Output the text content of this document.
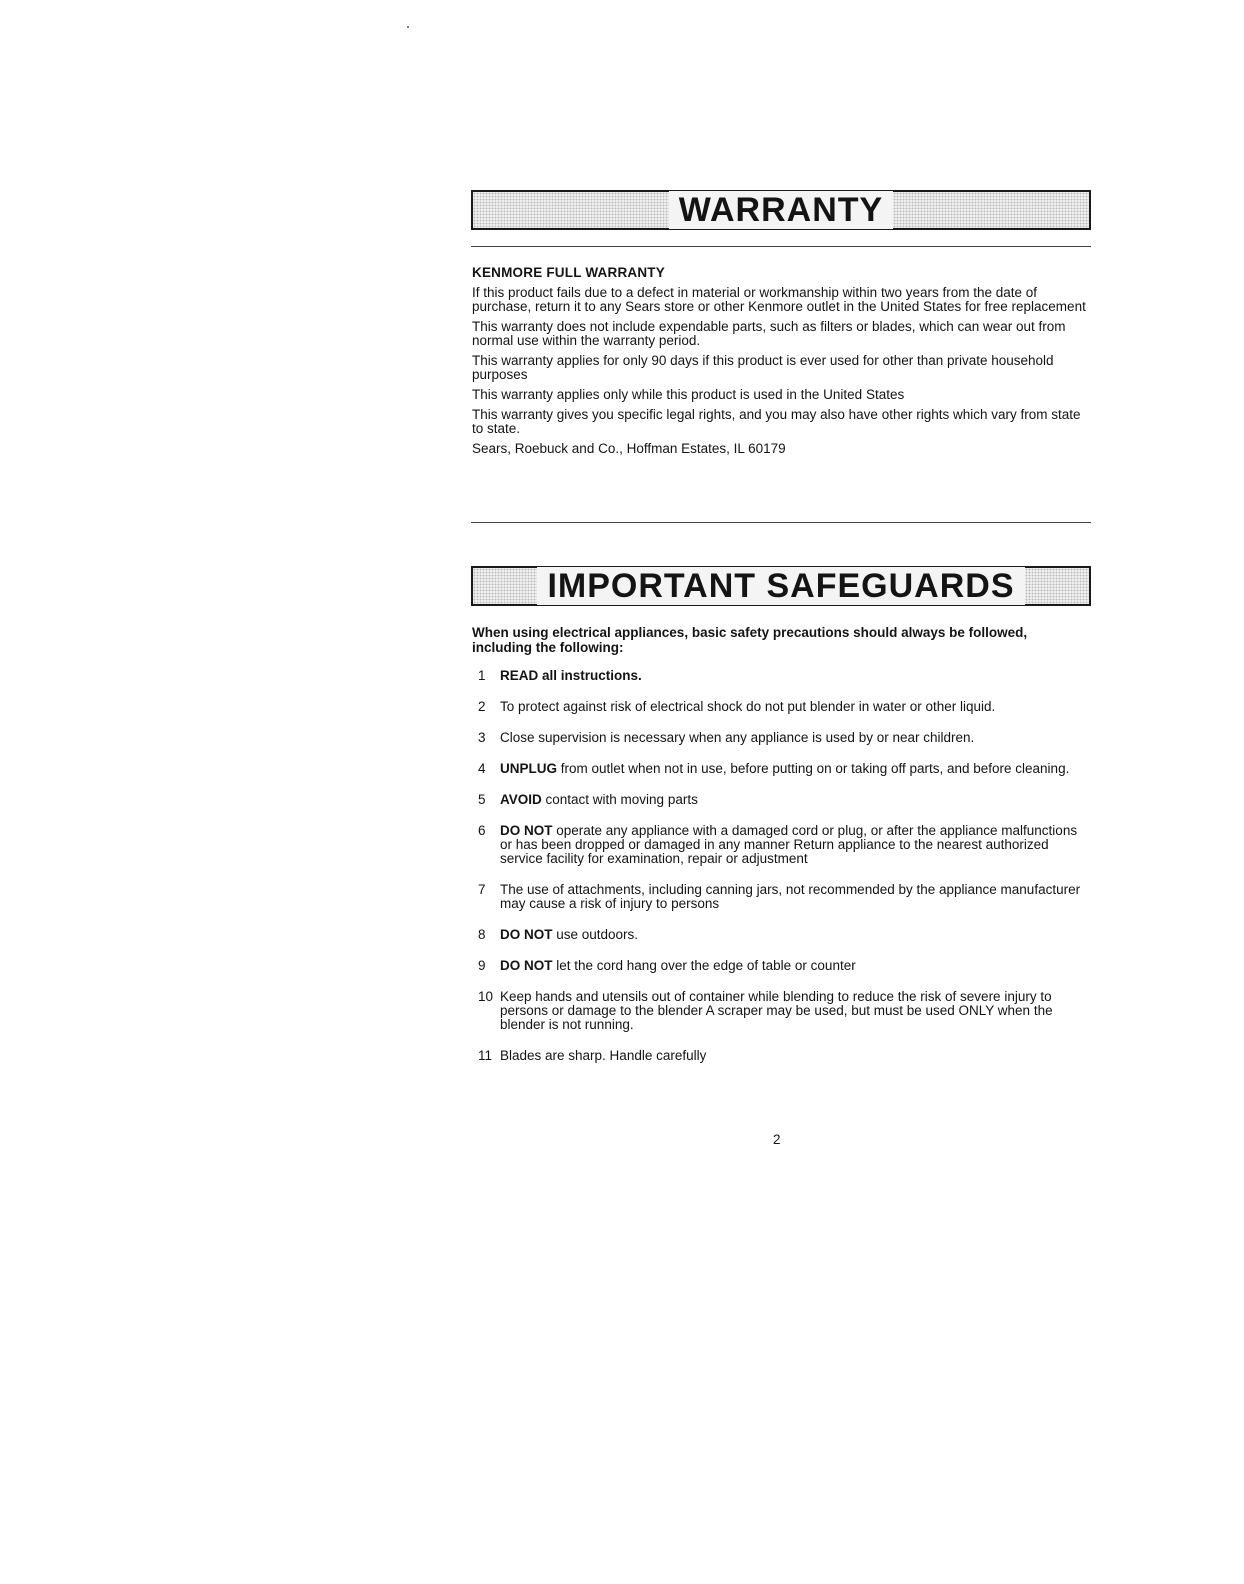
WARRANTY

KENMORE FULL WARRANTY

If this product fails due to a defect in material or workmanship within two years from the date of purchase, return it to any Sears store or other Kenmore outlet in the United States for free replacement

This warranty does not include expendable parts, such as filters or blades, which can wear out from normal use within the warranty period.

This warranty applies for only 90 days if this product is ever used for other than private household purposes

This warranty applies only while this product is used in the United States

This warranty gives you specific legal rights, and you may also have other rights which vary from state to state.

Sears, Roebuck and Co., Hoffman Estates, IL 60179

IMPORTANT SAFEGUARDS

When using electrical appliances, basic safety precautions should always be followed, including the following:

1	READ all instructions.
2	To protect against risk of electrical shock do not put blender in water or other liquid.
3	Close supervision is necessary when any appliance is used by or near children.
4	UNPLUG from outlet when not in use, before putting on or taking off parts, and before cleaning.
5	AVOID contact with moving parts
6	DO NOT operate any appliance with a damaged cord or plug, or after the appliance malfunctions or has been dropped or damaged in any manner Return appliance to the nearest authorized service facility for examination, repair or adjustment
7	The use of attachments, including canning jars, not recommended by the appliance manufacturer may cause a risk of injury to persons
8	DO NOT use outdoors.
9	DO NOT let the cord hang over the edge of table or counter
10 Keep hands and utensils out of container while blending to reduce the risk of severe injury to persons or damage to the blender A scraper may be used, but must be used ONLY when the blender is not running.
11 Blades are sharp. Handle carefully
2
